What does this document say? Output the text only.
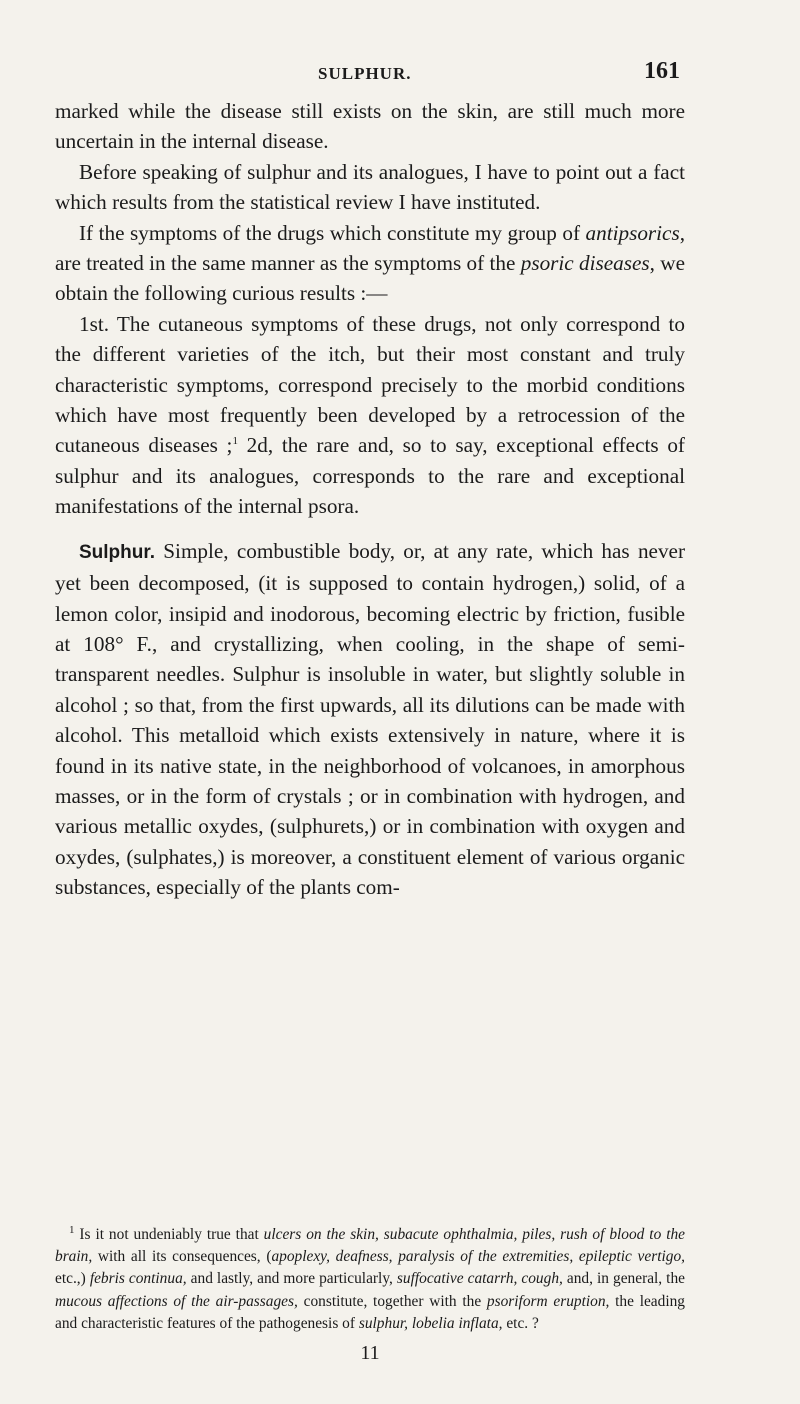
SULPHUR.	161

marked while the disease still exists on the skin, are still much more uncertain in the internal disease.

Before speaking of sulphur and its analogues, I have to point out a fact which results from the statistical review I have instituted.

If the symptoms of the drugs which constitute my group of antipsorics, are treated in the same manner as the symptoms of the psoric diseases, we obtain the following curious results :—

1st. The cutaneous symptoms of these drugs, not only correspond to the different varieties of the itch, but their most constant and truly characteristic symptoms, correspond precisely to the morbid conditions which have most frequently been developed by a retrocession of the cutaneous diseases ;$^1$ 2d, the rare and, so to say, exceptional effects of sulphur and its analogues, corresponds to the rare and exceptional manifestations of the internal psora.

Sulphur. Simple, combustible body, or, at any rate, which has never yet been decomposed, (it is supposed to contain hydrogen,) solid, of a lemon color, insipid and inodorous, becoming electric by friction, fusible at 108° F., and crystallizing, when cooling, in the shape of semi-transparent needles. Sulphur is insoluble in water, but slightly soluble in alcohol ; so that, from the first upwards, all its dilutions can be made with alcohol. This metalloid which exists extensively in nature, where it is found in its native state, in the neighborhood of volcanoes, in amorphous masses, or in the form of crystals ; or in combination with hydrogen, and various metallic oxydes, (sulphurets,) or in combination with oxygen and oxydes, (sulphates,) is moreover, a constituent element of various organic substances, especially of the plants com-

$^1$ Is it not undeniably true that ulcers on the skin, subacute ophthalmia, piles, rush of blood to the brain, with all its consequences, (apoplexy, deafness, paralysis of the extremities, epileptic vertigo, etc.,) febris continua, and lastly, and more particularly, suffocative catarrh, cough, and, in general, the mucous affections of the air-passages, constitute, together with the psoriform eruption, the leading and characteristic features of the pathogenesis of sulphur, lobelia inflata, etc. ?

11
